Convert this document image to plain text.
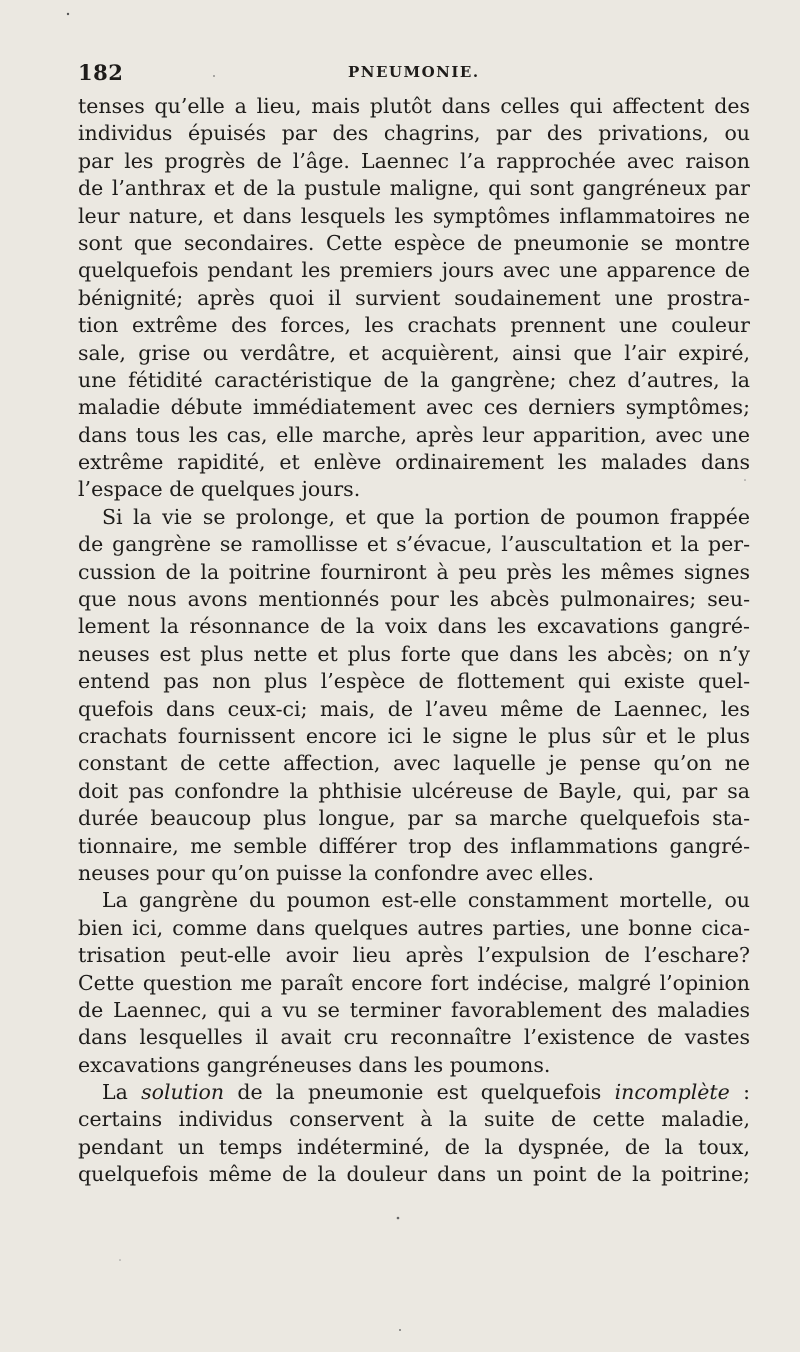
182	PNEUMONIE.
tenses qu’elle a lieu, mais plutôt dans celles qui affectent des
individus épuisés par des chagrins, par des privations, ou
par les progrès de l’âge. Laennec l’a rapprochée avec raison
de l’anthrax et de la pustule maligne, qui sont gangréneux par
leur nature, et dans lesquels les symptômes inflammatoires ne
sont que secondaires. Cette espèce de pneumonie se montre
quelquefois pendant les premiers jours avec une apparence de
bénignité; après quoi il survient soudainement une prostra-
tion extrême des forces, les crachats prennent une couleur
sale, grise ou verdâtre, et acquièrent, ainsi que l’air expiré,
une fétidité caractéristique de la gangrène; chez d’autres, la
maladie débute immédiatement avec ces derniers symptômes;
dans tous les cas, elle marche, après leur apparition, avec une
extrême rapidité, et enlève ordinairement les malades dans
l’espace de quelques jours.
Si la vie se prolonge, et que la portion de poumon frappée
de gangrène se ramollisse et s’évacue, l’auscultation et la per-
cussion de la poitrine fourniront à peu près les mêmes signes
que nous avons mentionnés pour les abcès pulmonaires; seu-
lement la résonnance de la voix dans les excavations gangré-
neuses est plus nette et plus forte que dans les abcès; on n’y
entend pas non plus l’espèce de flottement qui existe quel-
quefois dans ceux-ci; mais, de l’aveu même de Laennec, les
crachats fournissent encore ici le signe le plus sûr et le plus
constant de cette affection, avec laquelle je pense qu’on ne
doit pas confondre la phthisie ulcéreuse de Bayle, qui, par sa
durée beaucoup plus longue, par sa marche quelquefois sta-
tionnaire, me semble différer trop des inflammations gangré-
neuses pour qu’on puisse la confondre avec elles.
La gangrène du poumon est-elle constamment mortelle, ou
bien ici, comme dans quelques autres parties, une bonne cica-
trisation peut-elle avoir lieu après l’expulsion de l’eschare?
Cette question me paraît encore fort indécise, malgré l’opinion
de Laennec, qui a vu se terminer favorablement des maladies
dans lesquelles il avait cru reconnaître l’existence de vastes
excavations gangréneuses dans les poumons.
La solution de la pneumonie est quelquefois incomplète :
certains individus conservent à la suite de cette maladie,
pendant un temps indéterminé, de la dyspnée, de la toux,
quelquefois même de la douleur dans un point de la poitrine;
